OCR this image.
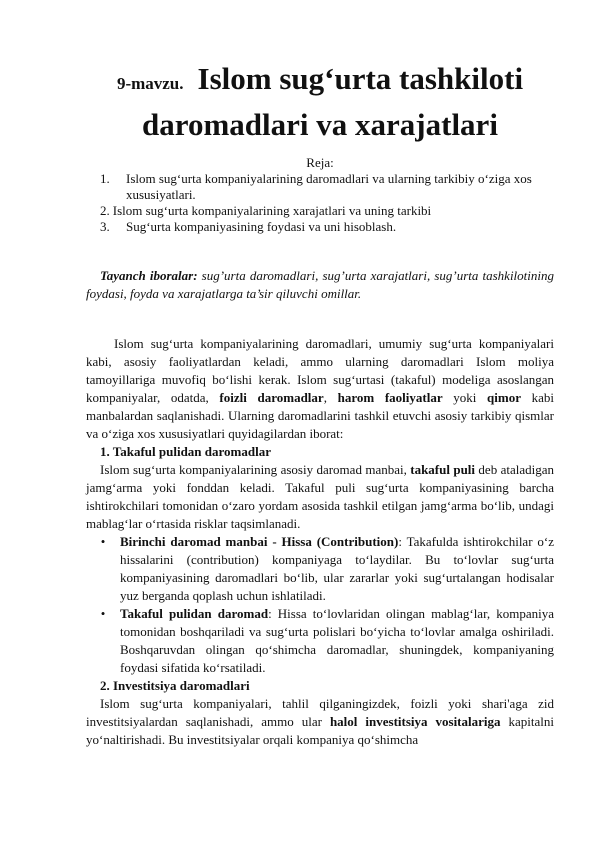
9-mavzu. Islom sug‘urta tashkiloti daromadlari va xarajatlari
Reja:
1.	Islom sug‘urta kompaniyalarining daromadlari va ularning tarkibiy o‘ziga xos xususiyatlari.
2. Islom sug‘urta kompaniyalarining xarajatlari va uning tarkibi
3.	Sug‘urta kompaniyasining foydasi va uni hisoblash.
Tayanch iboralar: sug’urta daromadlari, sug’urta xarajatlari, sug’urta tashkilotining foydasi, foyda va xarajatlarga ta’sir qiluvchi omillar.
Islom sug‘urta kompaniyalarining daromadlari, umumiy sug‘urta kompaniyalari kabi, asosiy faoliyatlardan keladi, ammo ularning daromadlari Islom moliya tamoyillariga muvofiq bo‘lishi kerak. Islom sug‘urtasi (takaful) modeliga asoslangan kompaniyalar, odatda, foizli daromadlar, harom faoliyatlar yoki qimor kabi manbalardan saqlanishadi. Ularning daromadlarini tashkil etuvchi asosiy tarkibiy qismlar va o‘ziga xos xususiyatlari quyidagilardan iborat:
1. Takaful pulidan daromadlar
Islom sug‘urta kompaniyalarining asosiy daromad manbai, takaful puli deb ataladigan jamg‘arma yoki fonddan keladi. Takaful puli sug‘urta kompaniyasining barcha ishtirokchilari tomonidan o‘zaro yordam asosida tashkil etilgan jamg‘arma bo‘lib, undagi mablag‘lar o‘rtasida risklar taqsimlanadi.
•	Birinchi daromad manbai - Hissa (Contribution): Takafulda ishtirokchilar o‘z hissalarini (contribution) kompaniyaga to‘laydilar. Bu to‘lovlar sug‘urta kompaniyasining daromadlari bo‘lib, ular zararlar yoki sug‘urtalangan hodisalar yuz berganda qoplash uchun ishlatiladi.
•	Takaful pulidan daromad: Hissa to‘lovlaridan olingan mablag‘lar, kompaniya tomonidan boshqariladi va sug‘urta polislari bo‘yicha to‘lovlar amalga oshiriladi. Boshqaruvdan olingan qo‘shimcha daromadlar, shuningdek, kompaniyaning foydasi sifatida ko‘rsatiladi.
2. Investitsiya daromadlari
Islom sug‘urta kompaniyalari, tahlil qilganingizdek, foizli yoki shari'aga zid investitsiyalardan saqlanishadi, ammo ular halol investitsiya vositalariga kapitalni yo‘naltirishadi. Bu investitsiyalar orqali kompaniya qo‘shimcha
